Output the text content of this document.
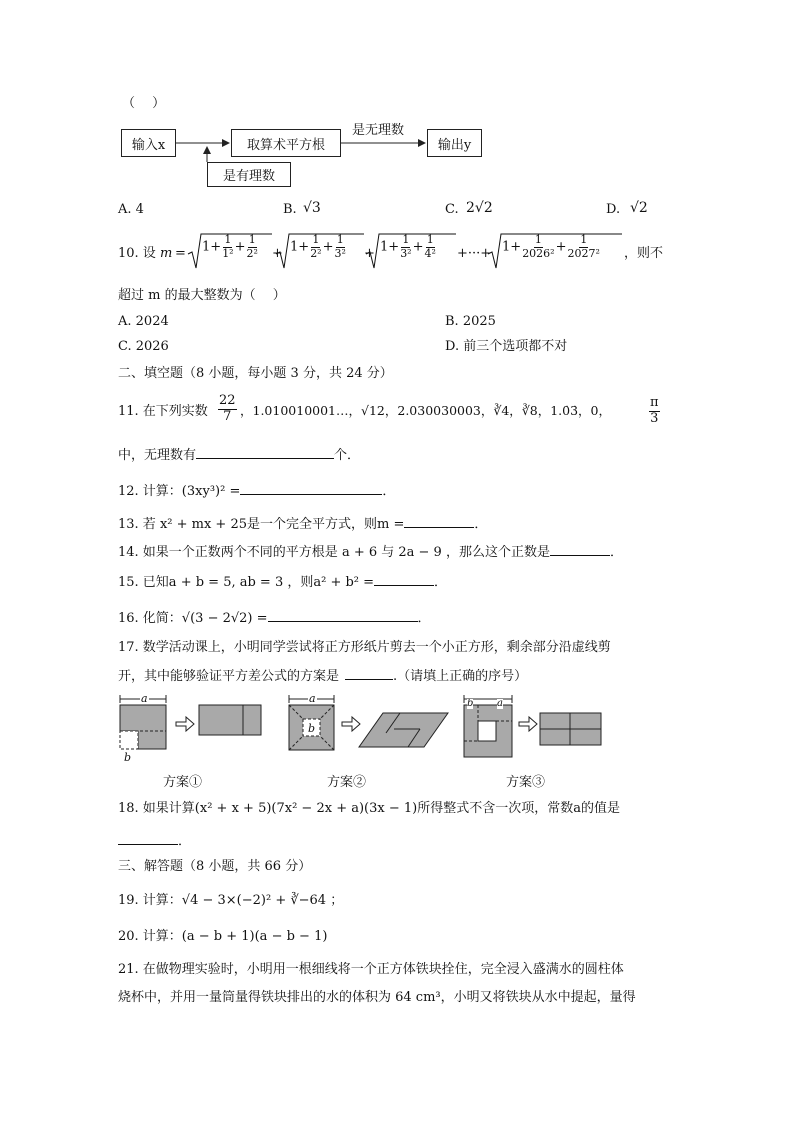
（　 ）
输入x	取算术平方根	输出y
是无理数
是有理数
A. 4	B. √3	C. 2√2	D. √2
10. 设 $m = 1+ \frac{1}{\text{1²}} + \frac{1}{\text{2²}} + 1+ \frac{1}{\text{2²}} + \frac{1}{\text{3²}} + 1+ \frac{1}{\text{3²}} + \frac{1}{\text{4²}}$ +···+ $1+ \frac{1}{\text{2026²}} + \frac{1}{\text{2027²}}$ ，则不
超过 m 的最大整数为（　 ）
A. 2024	B. 2025
C. 2026	D. 前三个选项都不对
二、填空题（8 小题，每小题 3 分，共 24 分）
11. 在下列实数 $\frac{22}{7}$ ，1.010010001…，√12，2.030030003，∛4，∛8，1.0̇3̇，0，	$\frac{\pi}{3}$
中，无理数有	个．
12. 计算：(3xy³)² =	．
13. 若 x² + mx + 25是一个完全平方式，则m =	．
14. 如果一个正数两个不同的平方根是 a + 6 与 2a − 9 ，那么这个正数是	．
15. 已知a + b = 5, ab = 3 ，则a² + b² =	．
16. 化简：√(3 − 2√2) =	．
17. 数学活动课上，小明同学尝试将正方形纸片剪去一个小正方形，剩余部分沿虚线剪
开，其中能够验证平方差公式的方案是	.（请填上正确的序号）
a
b
a
b
b a
方案①	方案②	方案③
18. 如果计算(x² + x + 5)(7x² − 2x + a)(3x − 1)所得整式不含一次项，常数a的值是
．
三、解答题（8 小题，共 66 分）
19. 计算：√4 − 3×(−2)² + ∛−64 ；
20. 计算：(a − b + 1)(a − b − 1)
21. 在做物理实验时，小明用一根细线将一个正方体铁块拴住，完全浸入盛满水的圆柱体
烧杯中，并用一量筒量得铁块排出的水的体积为 64 cm³，小明又将铁块从水中提起，量得
